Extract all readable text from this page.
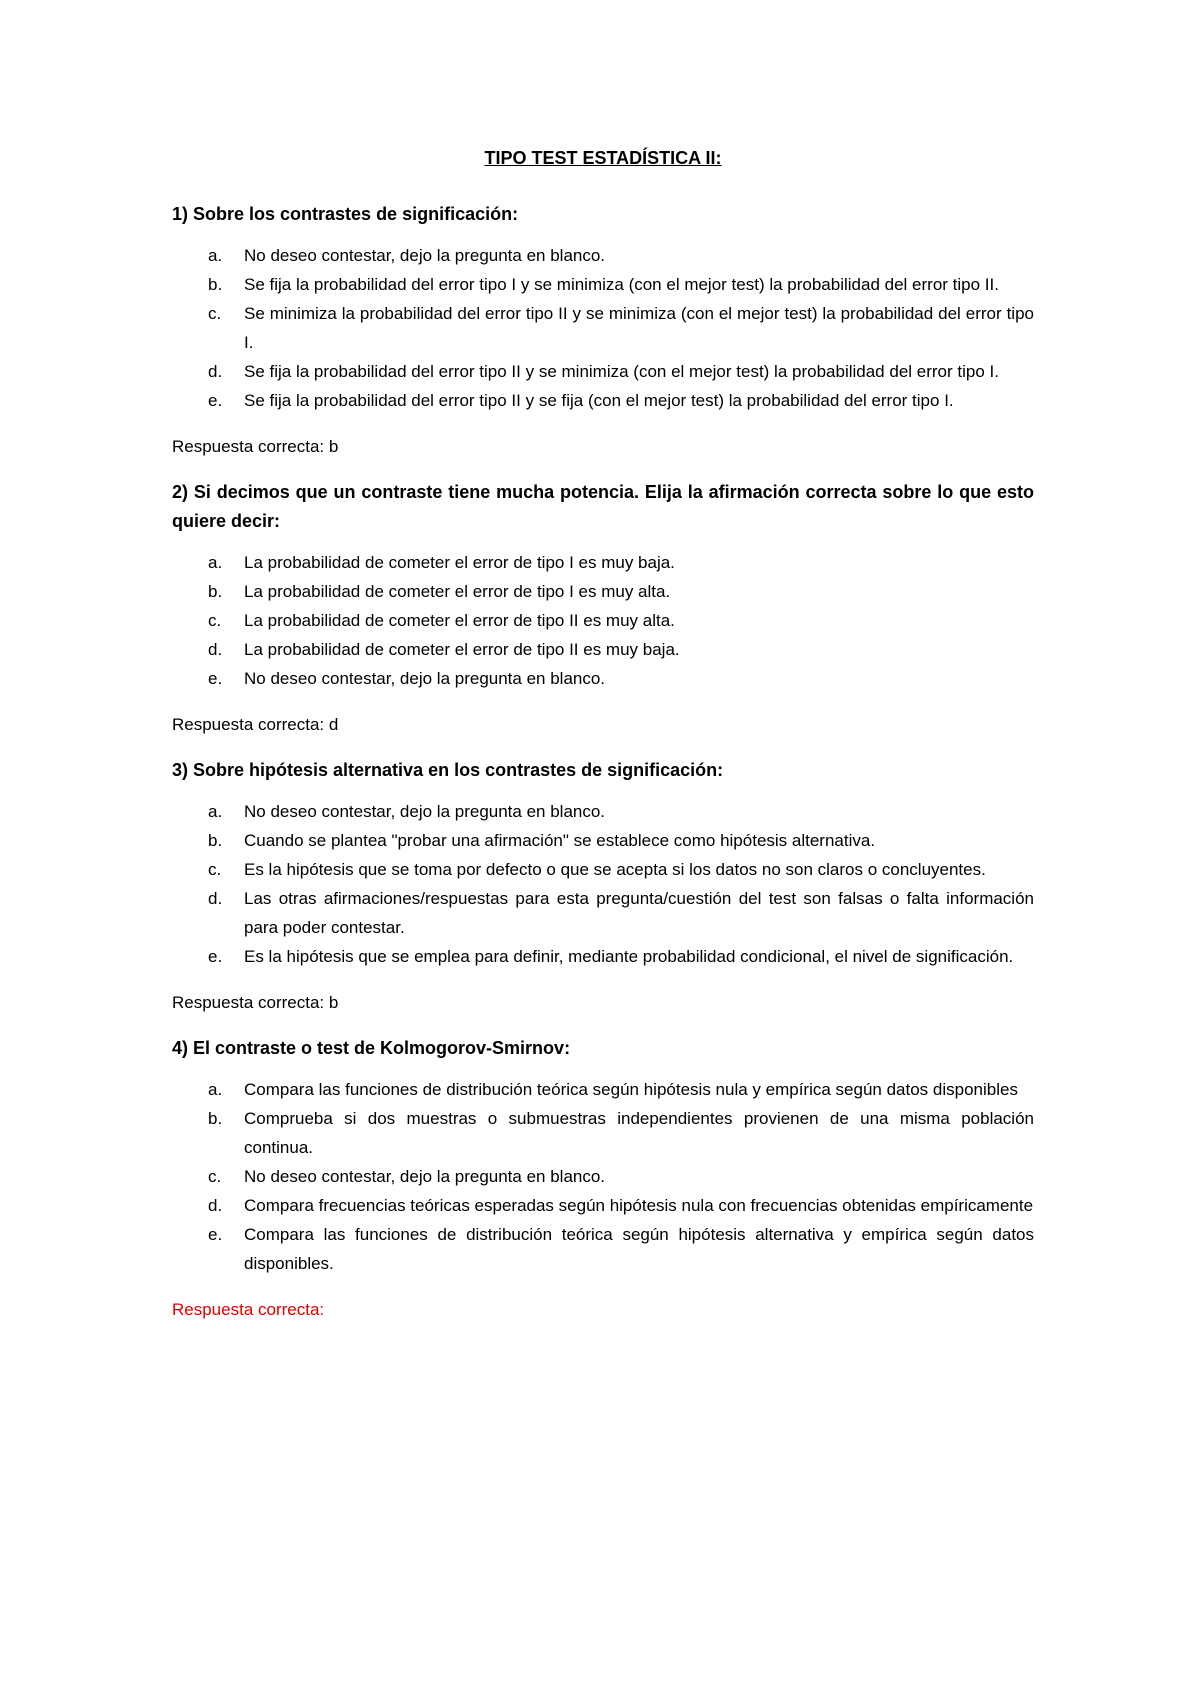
TIPO TEST ESTADÍSTICA II:

1) Sobre los contrastes de significación:

a. No deseo contestar, dejo la pregunta en blanco.
b. Se fija la probabilidad del error tipo I y se minimiza (con el mejor test) la probabilidad del error tipo II.
c. Se minimiza la probabilidad del error tipo II y se minimiza (con el mejor test) la probabilidad del error tipo I.
d. Se fija la probabilidad del error tipo II y se minimiza (con el mejor test) la probabilidad del error tipo I.
e. Se fija la probabilidad del error tipo II y se fija (con el mejor test) la probabilidad del error tipo I.

Respuesta correcta: b

2) Si decimos que un contraste tiene mucha potencia. Elija la afirmación correcta sobre lo que esto quiere decir:

a. La probabilidad de cometer el error de tipo I es muy baja.
b. La probabilidad de cometer el error de tipo I es muy alta.
c. La probabilidad de cometer el error de tipo II es muy alta.
d. La probabilidad de cometer el error de tipo II es muy baja.
e. No deseo contestar, dejo la pregunta en blanco.

Respuesta correcta: d

3) Sobre hipótesis alternativa en los contrastes de significación:

a. No deseo contestar, dejo la pregunta en blanco.
b. Cuando se plantea "probar una afirmación" se establece como hipótesis alternativa.
c. Es la hipótesis que se toma por defecto o que se acepta si los datos no son claros o concluyentes.
d. Las otras afirmaciones/respuestas para esta pregunta/cuestión del test son falsas o falta información para poder contestar.
e. Es la hipótesis que se emplea para definir, mediante probabilidad condicional, el nivel de significación.

Respuesta correcta: b

4) El contraste o test de Kolmogorov-Smirnov:

a. Compara las funciones de distribución teórica según hipótesis nula y empírica según datos disponibles
b. Comprueba si dos muestras o submuestras independientes provienen de una misma población continua.
c. No deseo contestar, dejo la pregunta en blanco.
d. Compara frecuencias teóricas esperadas según hipótesis nula con frecuencias obtenidas empíricamente
e. Compara las funciones de distribución teórica según hipótesis alternativa y empírica según datos disponibles.

Respuesta correcta:
